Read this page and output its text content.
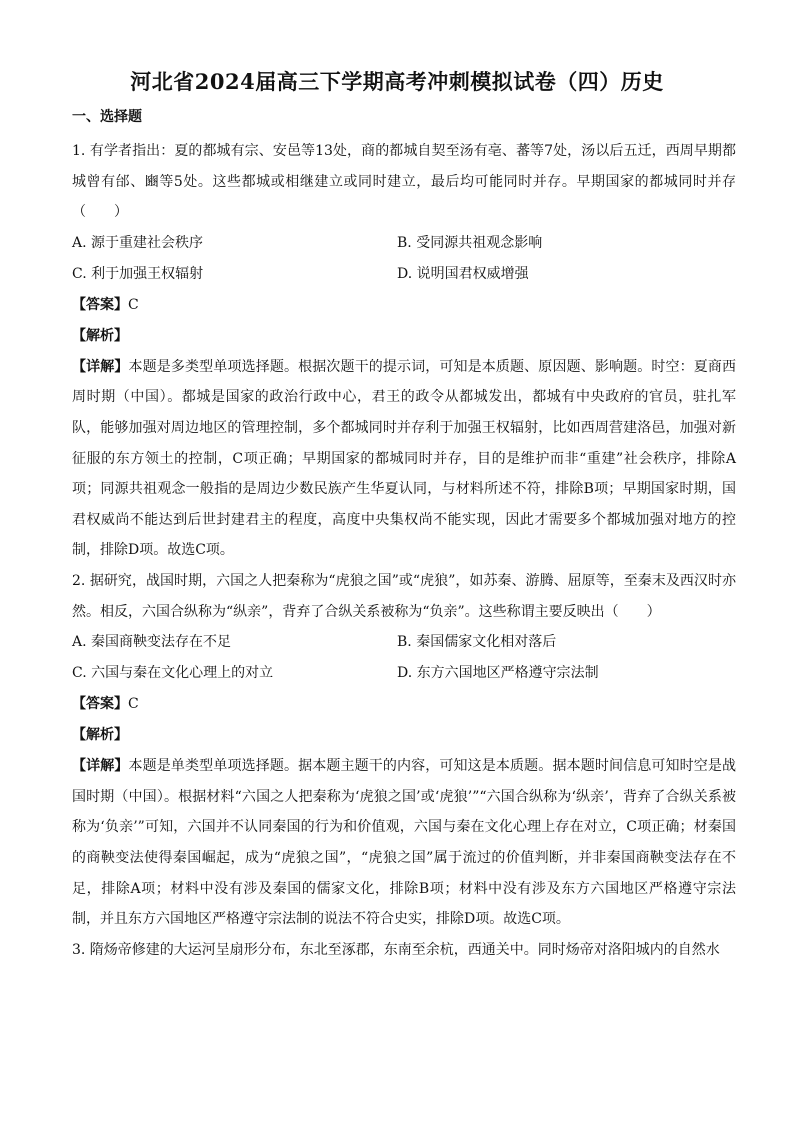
河北省2024届高三下学期高考冲刺模拟试卷（四）历史
一、选择题

1. 有学者指出：夏的都城有宗、安邑等13处，商的都城自契至汤有亳、蕃等7处，汤以后五迁，西周早期都城曾有邰、豳等5处。这些都城或相继建立或同时建立，最后均可能同时并存。早期国家的都城同时并存（　　）

A. 源于重建社会秩序	B. 受同源共祖观念影响
C. 利于加强王权辐射	D. 说明国君权威增强
【答案】C
【解析】

【详解】本题是多类型单项选择题。根据次题干的提示词，可知是本质题、原因题、影响题。时空：夏商西周时期（中国）。都城是国家的政治行政中心，君王的政令从都城发出，都城有中央政府的官员，驻扎军队，能够加强对周边地区的管理控制，多个都城同时并存利于加强王权辐射，比如西周营建洛邑，加强对新征服的东方领土的控制，C项正确；早期国家的都城同时并存，目的是维护而非“重建”社会秩序，排除A项；同源共祖观念一般指的是周边少数民族产生华夏认同，与材料所述不符，排除B项；早期国家时期，国君权威尚不能达到后世封建君主的程度，高度中央集权尚不能实现，因此才需要多个都城加强对地方的控制，排除D项。故选C项。

2. 据研究，战国时期，六国之人把秦称为“虎狼之国”或“虎狼”，如苏秦、游腾、屈原等，至秦末及西汉时亦然。相反，六国合纵称为“纵亲”，背弃了合纵关系被称为“负亲”。这些称谓主要反映出（　　）

A. 秦国商鞅变法存在不足	B. 秦国儒家文化相对落后
C. 六国与秦在文化心理上的对立	D. 东方六国地区严格遵守宗法制
【答案】C
【解析】

【详解】本题是单类型单项选择题。据本题主题干的内容，可知这是本质题。据本题时间信息可知时空是战国时期（中国）。根据材料“六国之人把秦称为‘虎狼之国’或‘虎狼’”“六国合纵称为‘纵亲’，背弃了合纵关系被称为‘负亲’”可知，六国并不认同秦国的行为和价值观，六国与秦在文化心理上存在对立，C项正确；材秦国的商鞅变法使得秦国崛起，成为“虎狼之国”，“虎狼之国”属于流过的价值判断，并非秦国商鞅变法存在不足，排除A项；材料中没有涉及秦国的儒家文化，排除B项；材料中没有涉及东方六国地区严格遵守宗法制，并且东方六国地区严格遵守宗法制的说法不符合史实，排除D项。故选C项。

3. 隋炀帝修建的大运河呈扇形分布，东北至涿郡，东南至余杭，西通关中。同时炀帝对洛阳城内的自然水
